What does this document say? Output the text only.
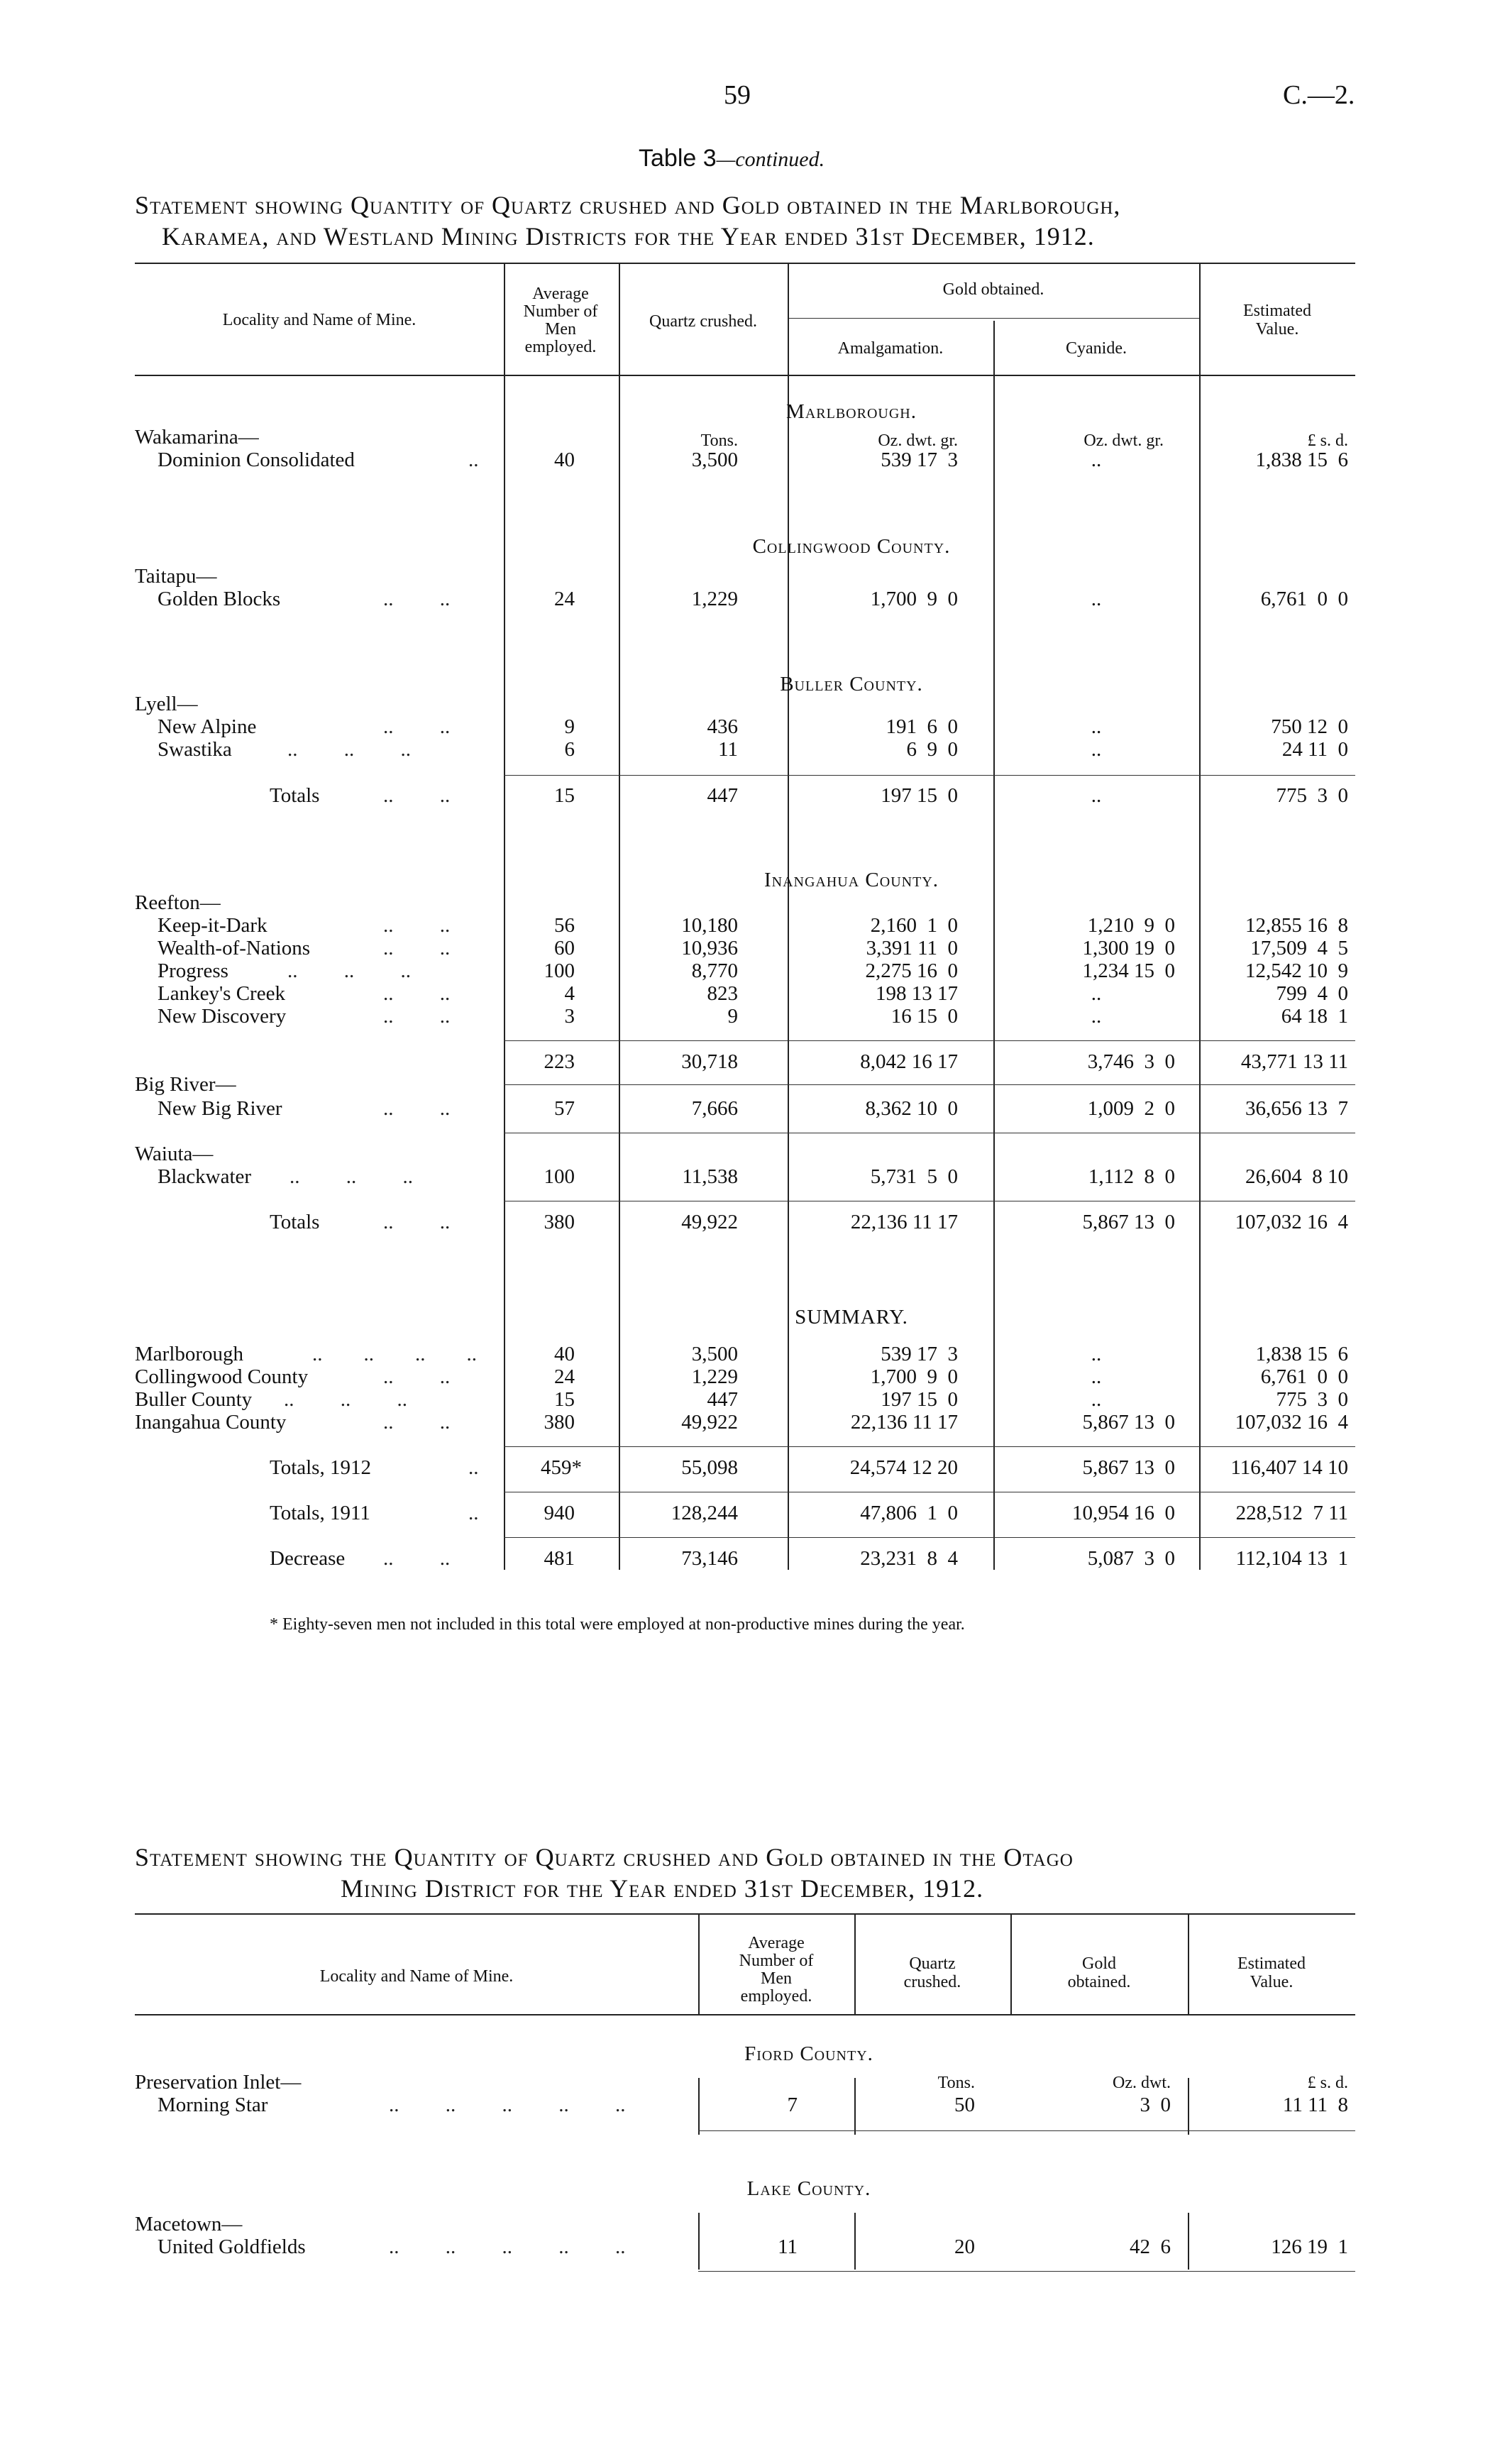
59	C.—2.
Table 3—continued.
Statement showing Quantity of Quartz crushed and Gold obtained in the Marlborough,
Karamea, and Westland Mining Districts for the Year ended 31st December, 1912.
Locality and Name of Mine.
Average
Number of
Men
employed.
Quartz crushed.
Gold obtained.
Amalgamation.	Cyanide.
Estimated
Value.
Marlborough.
Tons.	Oz. dwt. gr.	Oz. dwt. gr.	£ s. d.
Wakamarina—
Dominion Consolidated	..	40	3,500	539 17  3	..	1,838 15  6
Collingwood County.
Taitapu—
Golden Blocks	..         ..	24	1,229	1,700  9  0	..	6,761  0  0
Buller County.
Lyell—
New Alpine	..         ..	9	436	191  6  0	..	750 12  0
Swastika	..         ..         ..	6	11	6  9  0	..	24 11  0
Totals	..         ..	15	447	197 15  0	..	775  3  0
Inangahua County.
Reefton—
Keep-it-Dark	..         ..	56	10,180	2,160  1  0	1,210  9  0	12,855 16  8
Wealth-of-Nations	..         ..	60	10,936	3,391 11  0	1,300 19  0	17,509  4  5
Progress	..         ..         ..	100	8,770	2,275 16  0	1,234 15  0	12,542 10  9
Lankey's Creek	..         ..	4	823	198 13 17	..	799  4  0
New Discovery	..         ..	3	9	16 15  0	..	64 18  1
223	30,718	8,042 16 17	3,746  3  0	43,771 13 11
Big River—
New Big River	..         ..	57	7,666	8,362 10  0	1,009  2  0	36,656 13  7
Waiuta—
Blackwater ..         ..         ..	100	11,538	5,731  5  0	1,112  8  0	26,604  8 10
Totals	..         ..	380	49,922	22,136 11 17	5,867 13  0	107,032 16  4
SUMMARY.
Marlborough	..        ..        ..        ..	40	3,500	539 17  3	..	1,838 15  6
Collingwood County	..         ..	24	1,229	1,700  9  0	..	6,761  0  0
Buller County ..         ..         ..	15	447	197 15  0	..	775  3  0
Inangahua County	..         ..	380	49,922	22,136 11 17	5,867 13  0	107,032 16  4
Totals, 1912	..	459*	55,098	24,574 12 20	5,867 13  0	116,407 14 10
Totals, 1911	..	940	128,244	47,806  1  0	10,954 16  0	228,512  7 11
Decrease ..         ..	481	73,146	23,231  8  4	5,087  3  0	112,104 13  1
* Eighty-seven men not included in this total were employed at non-productive mines during the year.
Statement showing the Quantity of Quartz crushed and Gold obtained in the Otago
Mining District for the Year ended 31st December, 1912.
Locality and Name of Mine.
Average
Number of
Men
employed.
Quartz
crushed.
Gold
obtained.
Estimated
Value.
Fiord County.
Tons.	Oz. dwt.	£ s. d.
Preservation Inlet—
Morning Star	..         ..         ..         ..         ..	7	50	3  0	11 11  8
Lake County.
Macetown—
United Goldfields	..         ..         ..         ..         ..	11	20	42  6	126 19  1
